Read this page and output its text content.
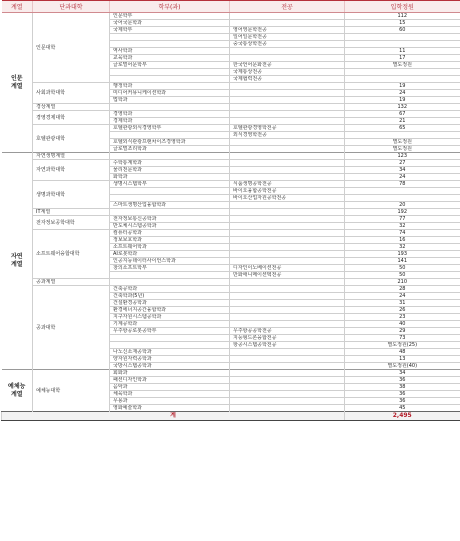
계열	단과대학	학부(과)	전공	입학정원
인문
계열	인문대학	인문학부		112
		국어국문학과		15
		국제학부	영어영문학전공	60
			일어일문학전공	
			중국통상학전공	
		역사학과		11
		교육학과		17
		글로벌어문학부	한국언어문화전공	별도정원
			국제통상전공	
			국제협력전공	
	사회과학대학	행정학과		19
		미디어커뮤니케이션학과		24
		법학과		19
	경상계열			132
	경영경제대학	경영학과		67
		경제학과		21
	호텔관광대학	호텔관광외식경영학부	호텔관광경영학전공	65
			외식경영학전공	
		호텔외식관광프랜차이즈경영학과		별도정원
		글로벌조리학과		별도정원
자연
계열	자연생명계열			123
	자연과학대학	수학통계학과		27
		물리천문학과		34
		화학과		24
	생명과학대학	생명시스템학부	식품생명공학전공	78
			바이오융합공학전공	
			바이오산업자원공학전공	
		스마트생명산업융합학과		20
	IT계열			192
	전자정보공학대학	전자정보통신공학과		77
		반도체시스템공학과		32
	소프트웨어융합대학	컴퓨터공학과		74
		정보보호학과		16
		소프트웨어학과		32
		AI로봇학과		193
		인공지능데이터사이언스학과		141
		창의소프트학부	디자인이노베이션전공	50
			만화애니메이션텍전공	50
	공과계열			210
	공과대학	건축공학과		28
		건축학과(5년)		24
		건설환경공학과		31
		환경에너지공간융합학과		26
		지구자원시스템공학과		23
		기계공학과		40
		우주항공로봇공학부	우주항공공학전공	29
			지능형드론융합전공	73
			항공시스템공학전공	별도정원(25)
		나노신소재공학과		48
		양자원자력공학과		13
		국방시스템공학과		별도정원(40)
예체능
계열	예체능대학	회화과		34
		패션디자인학과		36
		음악과		38
		체육학과		36
		무용과		36
		영화예술학과		45
계				2,495
